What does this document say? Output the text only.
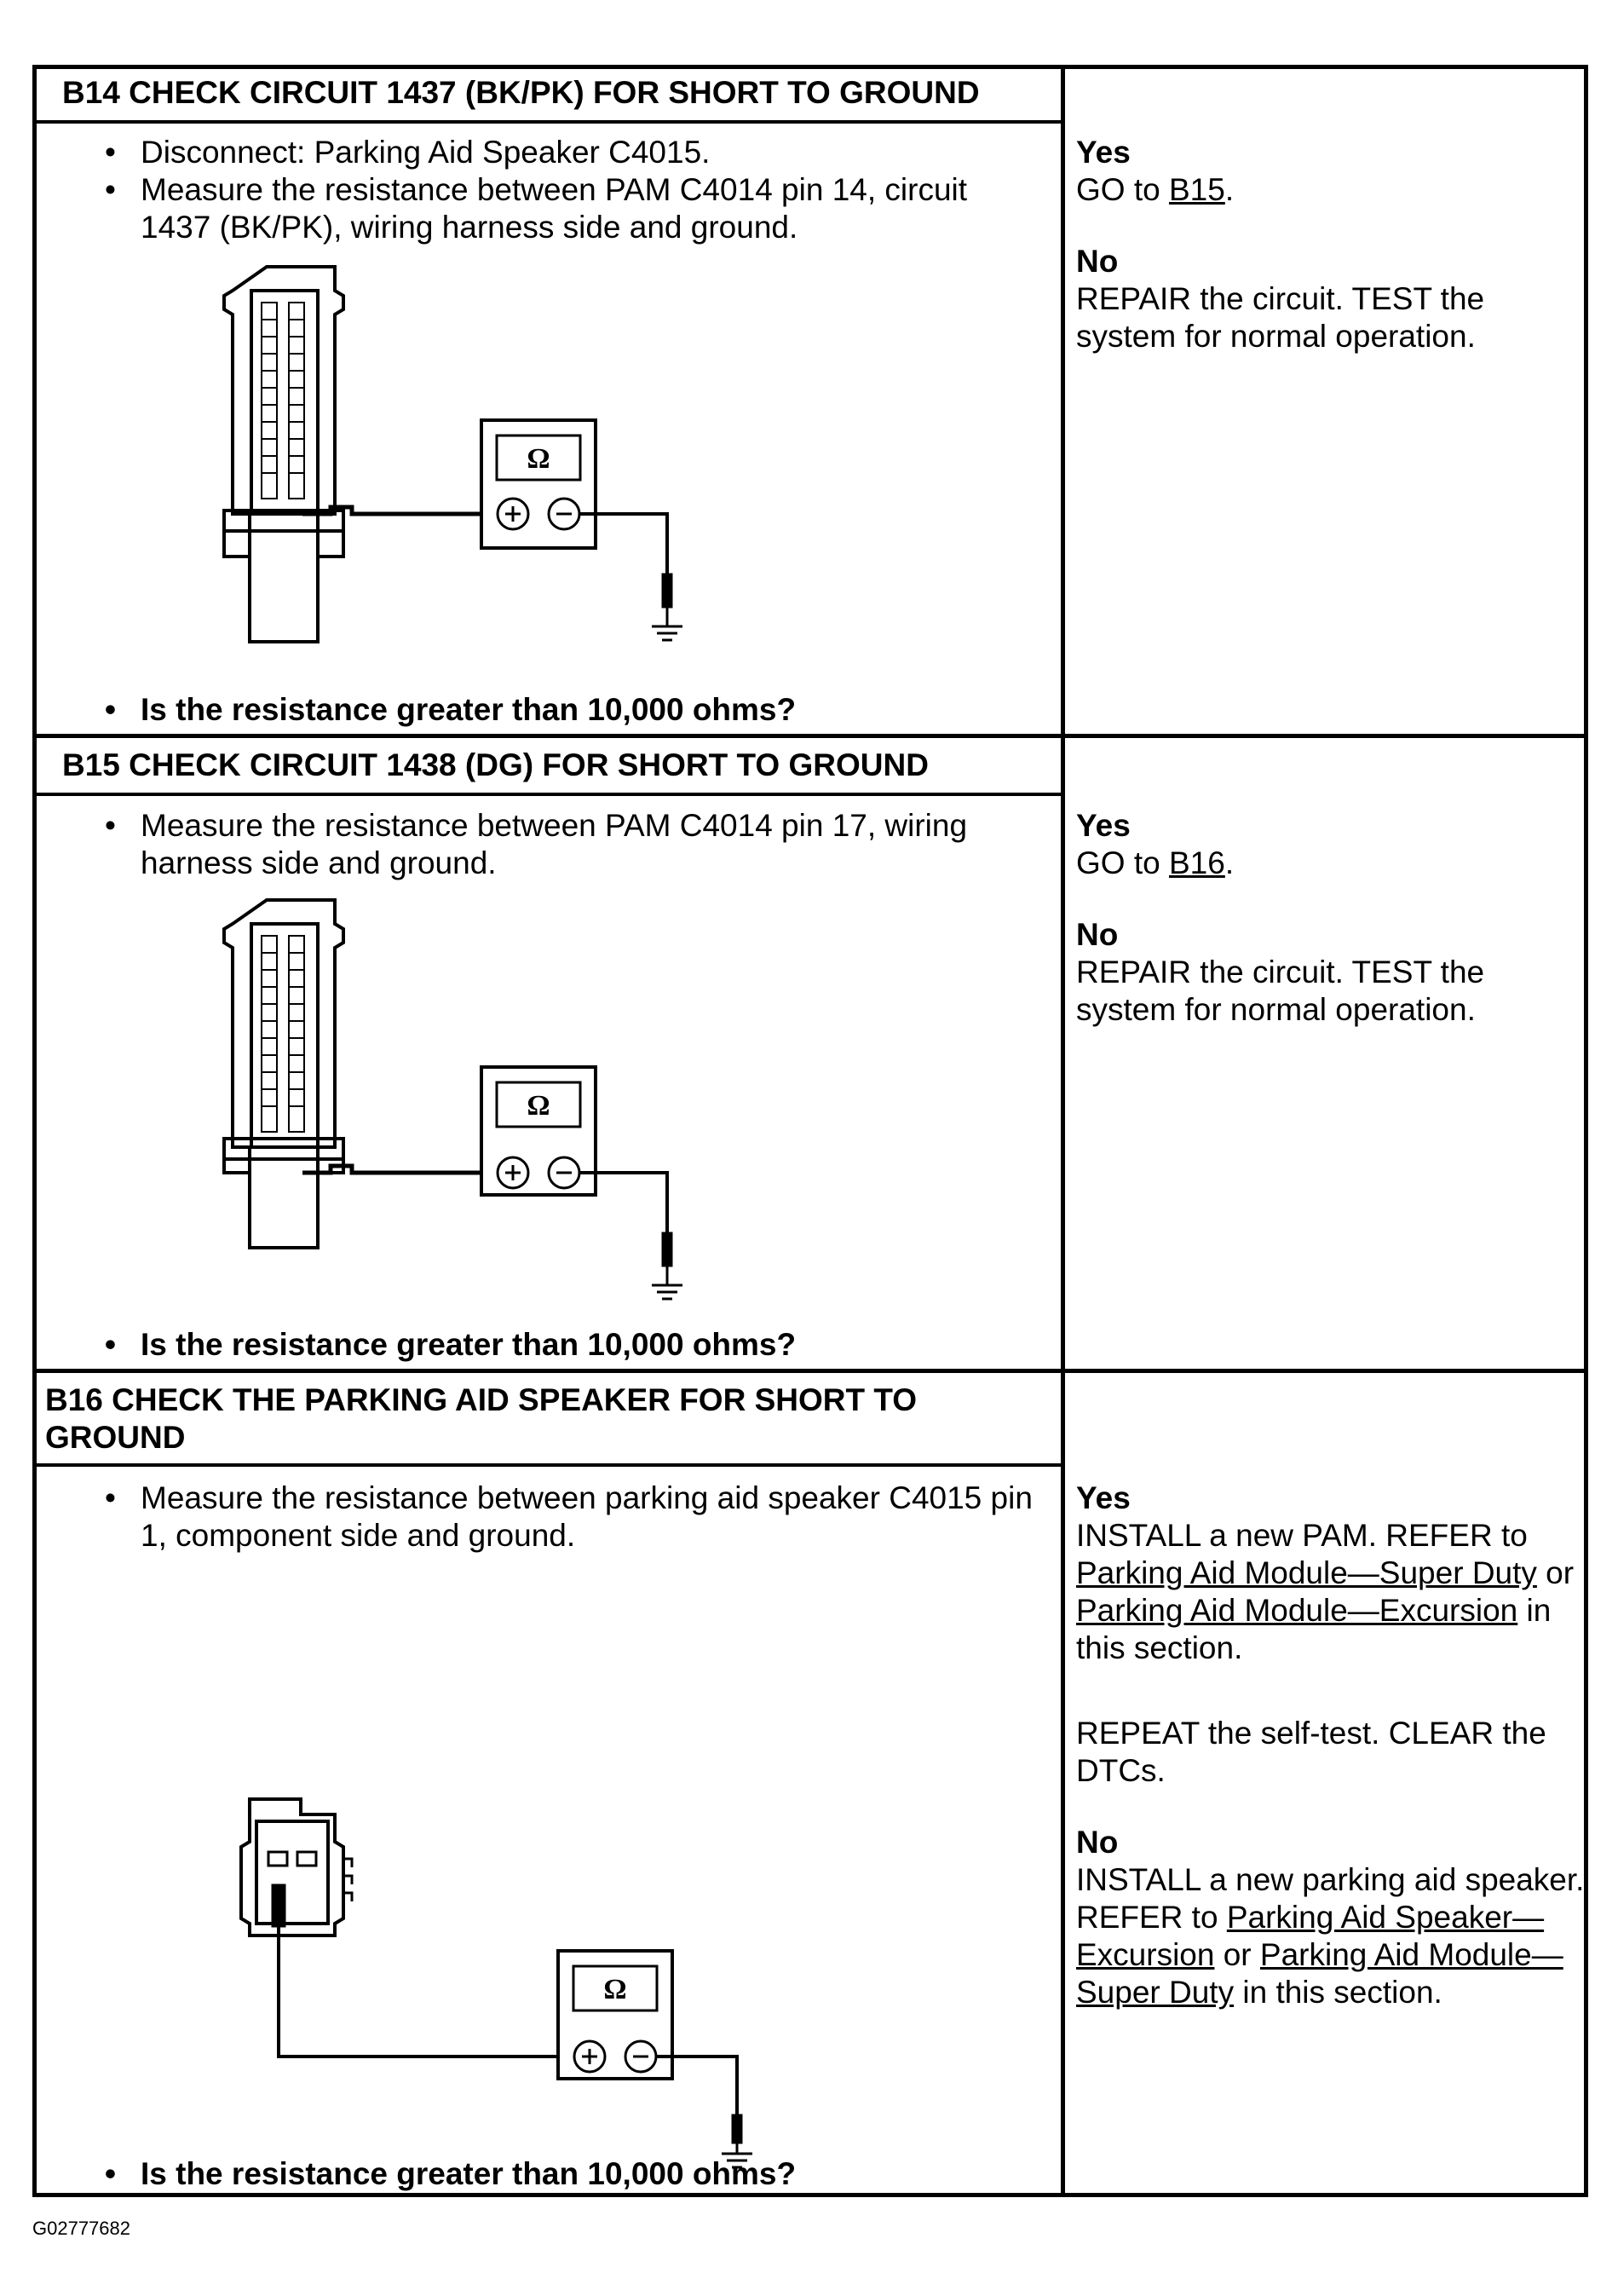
B14 CHECK CIRCUIT 1437 (BK/PK) FOR SHORT TO GROUND
• Disconnect: Parking Aid Speaker C4015.
• Measure the resistance between PAM C4014 pin 14, circuit 1437 (BK/PK), wiring harness side and ground.
Ω
• Is the resistance greater than 10,000 ohms?

Yes

GO to B15.

No

REPAIR the circuit. TEST the system for normal operation.

B15 CHECK CIRCUIT 1438 (DG) FOR SHORT TO GROUND
• Measure the resistance between PAM C4014 pin 17, wiring harness side and ground.
Ω
• Is the resistance greater than 10,000 ohms?

Yes

GO to B16.

No

REPAIR the circuit. TEST the system for normal operation.

B16 CHECK THE PARKING AID SPEAKER FOR SHORT TO GROUND
• Measure the resistance between parking aid speaker C4015 pin 1, component side and ground.
Ω
• Is the resistance greater than 10,000 ohms?

Yes

INSTALL a new PAM. REFER to Parking Aid Module—Super Duty or Parking Aid Module—Excursion in this section.

REPEAT the self-test. CLEAR the DTCs.

No

INSTALL a new parking aid speaker. REFER to Parking Aid Speaker—Excursion or Parking Aid Module—Super Duty in this section.

G02777682
